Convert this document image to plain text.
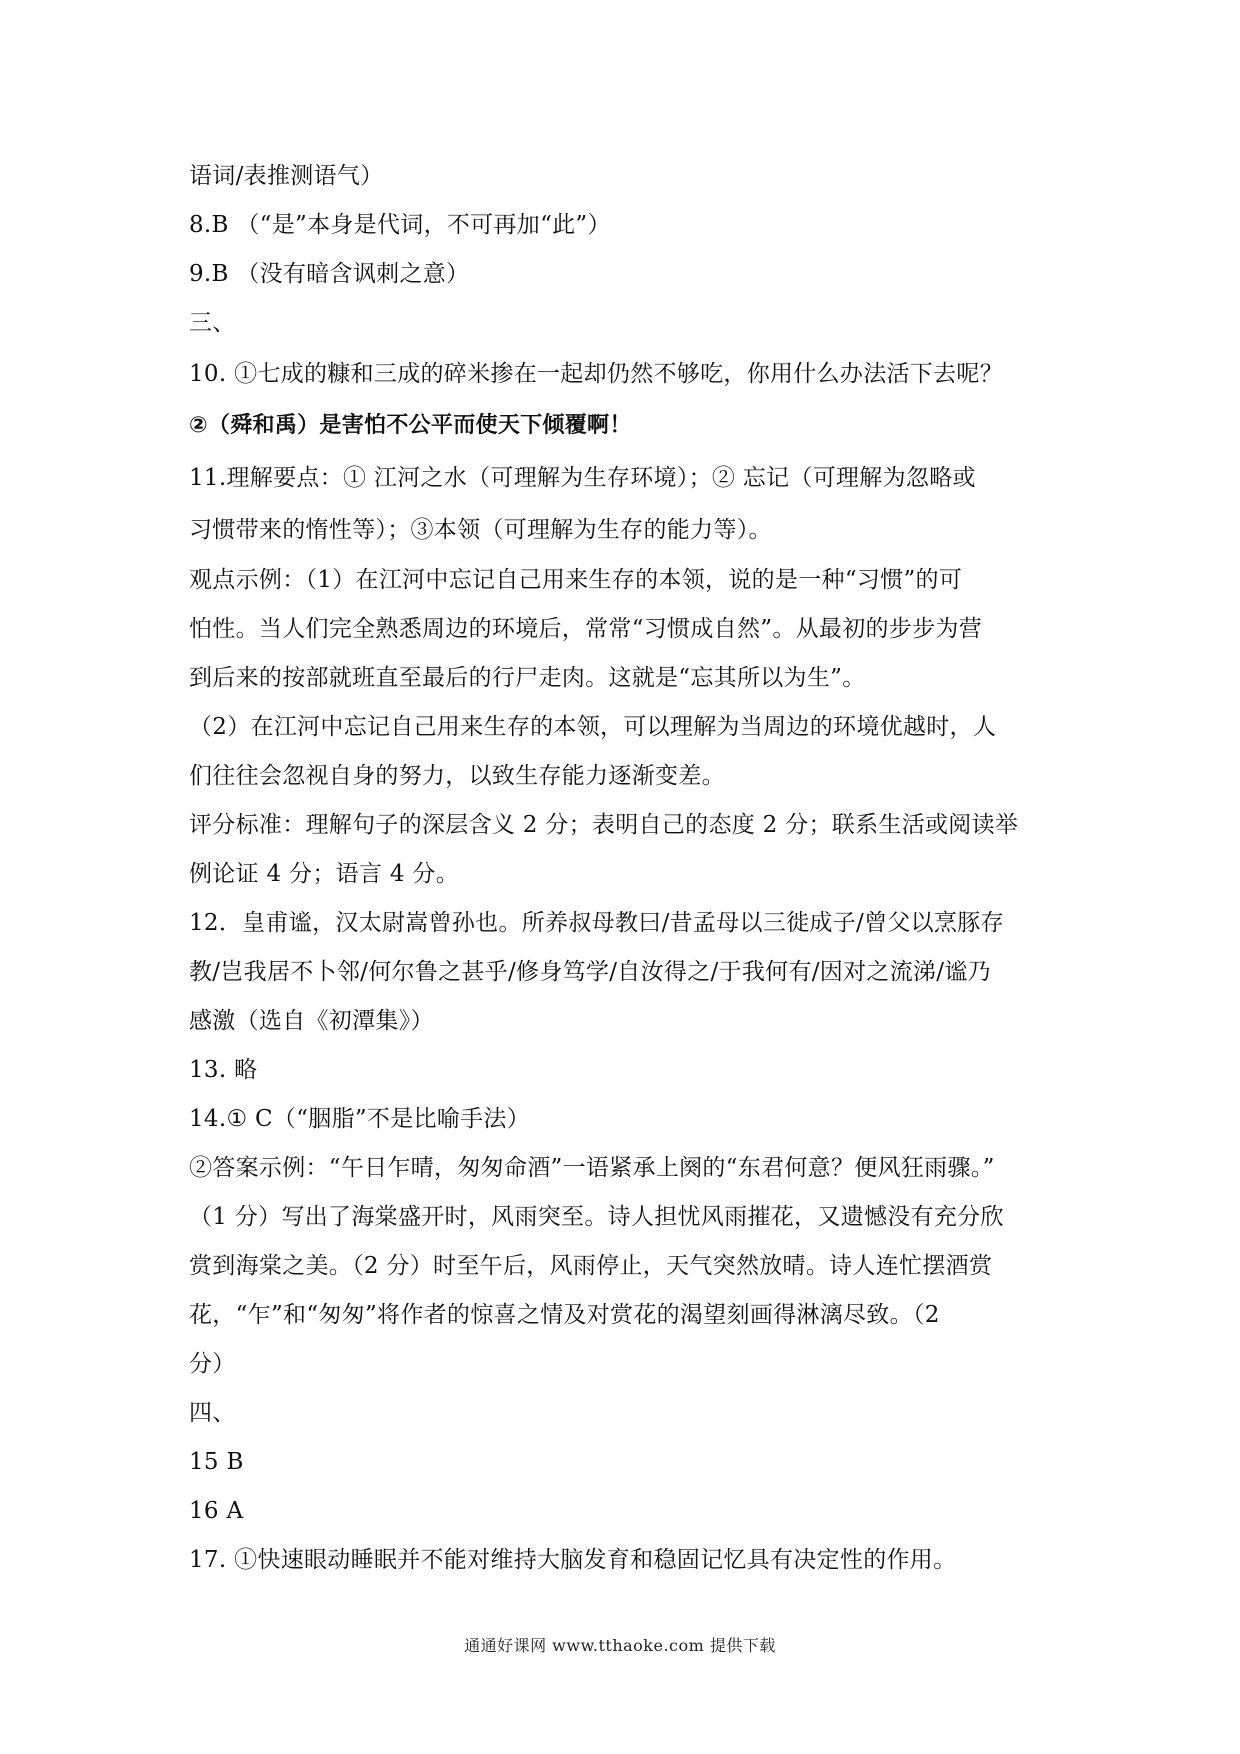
语词/表推测语气）
8.B （“是”本身是代词，不可再加“此”）
9.B （没有暗含讽刺之意）
三、
10. ①七成的糠和三成的碎米掺在一起却仍然不够吃，你用什么办法活下去呢？
②（舜和禹）是害怕不公平而使天下倾覆啊！
11.理解要点：① 江河之水（可理解为生存环境）；② 忘记（可理解为忽略或
习惯带来的惰性等）；③本领（可理解为生存的能力等）。
观点示例：（1）在江河中忘记自己用来生存的本领，说的是一种“习惯”的可
怕性。当人们完全熟悉周边的环境后，常常“习惯成自然”。从最初的步步为营
到后来的按部就班直至最后的行尸走肉。这就是“忘其所以为生”。
（2）在江河中忘记自己用来生存的本领，可以理解为当周边的环境优越时，人
们往往会忽视自身的努力，以致生存能力逐渐变差。
评分标准：理解句子的深层含义 2 分；表明自己的态度 2 分；联系生活或阅读举
例论证 4 分；语言 4 分。
12．皇甫谧，汉太尉嵩曾孙也。所养叔母教曰/昔孟母以三徙成子/曾父以烹豚存
教/岂我居不卜邻/何尔鲁之甚乎/修身笃学/自汝得之/于我何有/因对之流涕/谧乃
感激（选自《初潭集》）
13. 略
14.① C（“胭脂”不是比喻手法）
②答案示例：“午日乍晴，匆匆命酒”一语紧承上阕的“东君何意？便风狂雨骤。”
（1 分）写出了海棠盛开时，风雨突至。诗人担忧风雨摧花，又遗憾没有充分欣
赏到海棠之美。（2 分）时至午后，风雨停止，天气突然放晴。诗人连忙摆酒赏
花，“乍”和“匆匆”将作者的惊喜之情及对赏花的渴望刻画得淋漓尽致。（2
分）
四、
15 B
16 A
17. ①快速眼动睡眠并不能对维持大脑发育和稳固记忆具有决定性的作用。
通通好课网 www.tthaoke.com 提供下载
